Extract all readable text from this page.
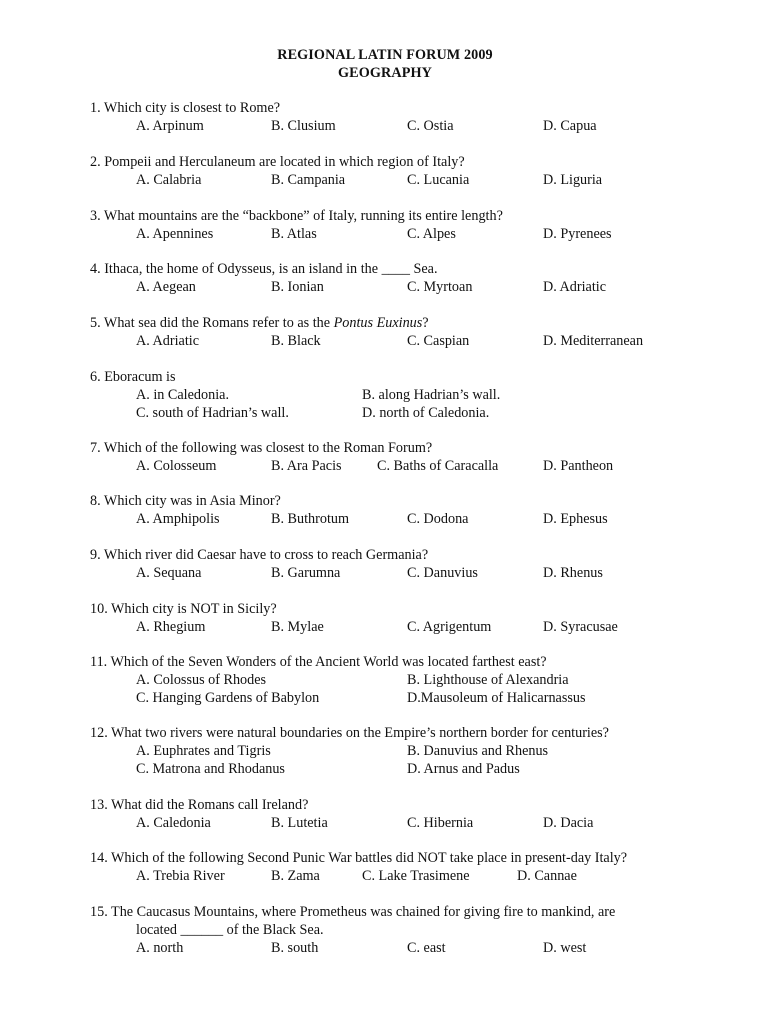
REGIONAL LATIN FORUM 2009
GEOGRAPHY
1. Which city is closest to Rome?
A. Arpinum	B. Clusium	C. Ostia	D. Capua
2. Pompeii and Herculaneum are located in which region of Italy?
A. Calabria	B. Campania	C. Lucania	D. Liguria
3. What mountains are the “backbone” of Italy, running its entire length?
A. Apennines	B. Atlas	C. Alpes	D. Pyrenees
4. Ithaca, the home of Odysseus, is an island in the ____ Sea.
A. Aegean	B. Ionian	C. Myrtoan	D. Adriatic
5. What sea did the Romans refer to as the Pontus Euxinus?
A. Adriatic	B. Black	C. Caspian	D. Mediterranean
6. Eboracum is
A. in Caledonia.	B. along Hadrian’s wall.
C. south of Hadrian’s wall.	D. north of Caledonia.
7. Which of the following was closest to the Roman Forum?
A. Colosseum	B. Ara Pacis C. Baths of Caracalla	D. Pantheon
8. Which city was in Asia Minor?
A. Amphipolis	B. Buthrotum	C. Dodona	D. Ephesus
9. Which river did Caesar have to cross to reach Germania?
A. Sequana	B. Garumna	C. Danuvius	D. Rhenus
10. Which city is NOT in Sicily?
A. Rhegium	B. Mylae	C. Agrigentum	D. Syracusae
11. Which of the Seven Wonders of the Ancient World was located farthest east?
A. Colossus of Rhodes	B. Lighthouse of Alexandria
C. Hanging Gardens of Babylon	D.Mausoleum of Halicarnassus
12. What two rivers were natural boundaries on the Empire’s northern border for centuries?
A. Euphrates and Tigris	B. Danuvius and Rhenus
C. Matrona and Rhodanus	D. Arnus and Padus
13. What did the Romans call Ireland?
A. Caledonia	B. Lutetia	C. Hibernia	D. Dacia
14. Which of the following Second Punic War battles did NOT take place in present-day Italy?
A. Trebia River	B. Zama	C. Lake Trasimene	D. Cannae
15. The Caucasus Mountains, where Prometheus was chained for giving fire to mankind, are
located ______ of the Black Sea.
A. north	B. south	C. east	D. west
